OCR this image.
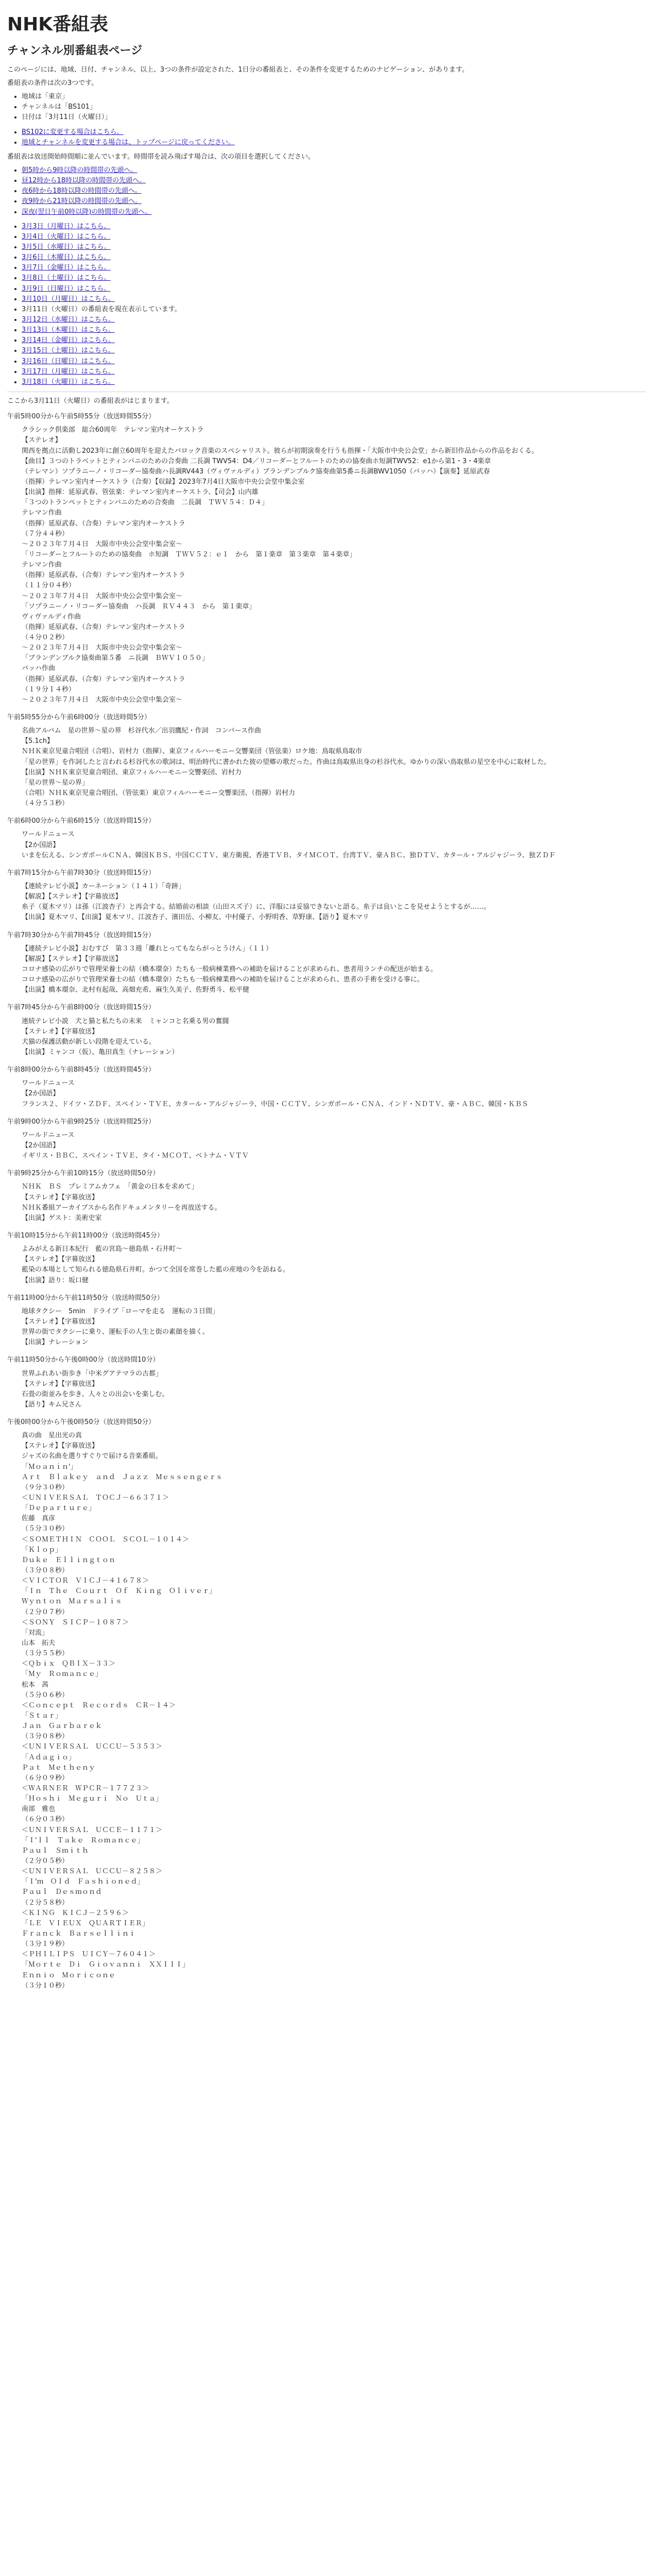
NHK番組表
チャンネル別番組表ページ

このページには、地域、日付、チャンネル、以上、3つの条件が設定された、1日分の番組表と、その条件を変更するためのナビゲーション、があります。

番組表の条件は次の3つです。

• 地域は「東京」
• チャンネルは「BS101」
• 日付は「3月11日（火曜日）」
• BS102に変更する場合はこちら。
• 地域とチャンネルを変更する場合は、トップページに戻ってください。

番組表は放送開始時間順に並んでいます。時間帯を読み飛ばす場合は、次の項目を選択してください。

• 朝5時から9時以降の時間帯の先頭へ。
• 昼12時から18時以降の時間帯の先頭へ。
• 夜6時から18時以降の時間帯の先頭へ。
• 夜9時から21時以降の時間帯の先頭へ。
• 深夜(翌日午前0時以降)の時間帯の先頭へ。
• 3月3日（月曜日）はこちら。
• 3月4日（火曜日）はこちら。
• 3月5日（水曜日）はこちら。
• 3月6日（木曜日）はこちら。
• 3月7日（金曜日）はこちら。
• 3月8日（土曜日）はこちら。
• 3月9日（日曜日）はこちら。
• 3月10日（月曜日）はこちら。
• 3月11日（火曜日）の番組表を現在表示しています。
• 3月12日（水曜日）はこちら。
• 3月13日（木曜日）はこちら。
• 3月14日（金曜日）はこちら。
• 3月15日（土曜日）はこちら。
• 3月16日（日曜日）はこちら。
• 3月17日（月曜日）はこちら。
• 3月18日（火曜日）はこちら。

ここから3月11日（火曜日）の番組表がはじまります。

午前5時00分から午前5時55分（放送時間55分）
クラシック倶楽部　総合60周年　テレマン室内オーケストラ
【ステレオ】
関西を拠点に活動し2023年に創立60周年を迎えたバロック音楽のスペシャリスト。彼らが初期演奏を行うも指揮・「大阪市中央公会堂」から新旧作品からの作品をおくる。
【曲目】３つのトラベットとティンパニのための合奏曲 二長調 TWV54：D4／リコーダーとフルートのための協奏曲ホ短調TWV52：e1から第1・3・4楽章
（テレマン）ソプラニーノ・リコーダー協奏曲ハ長調RV443（ヴィヴァルディ）ブランデンブルク協奏曲第5番ニ長調BWV1050（バッハ）【演奏】延原武春
（指揮）テレマン室内オーケストラ（合奏）【収録】2023年7月4日大阪市中央公会堂中集会室
【出演】指揮：延原武春、管弦楽：テレマン室内オーケストラ、【司会】山内雄
「３つのトランペットとティンパニのための合奏曲　二長調　ＴＷＶ５４：Ｄ４」
テレマン作曲
（指揮）延原武春、（合奏）テレマン室内オーケストラ
（７分４４秒）
～２０２３年７月４日　大阪市中央公会堂中集会室～
「リコーダーとフルートのための協奏曲　ホ短調　ＴＷＶ５２：ｅ１　から　第１楽章　第３楽章　第４楽章」
テレマン作曲
（指揮）延原武春、（合奏）テレマン室内オーケストラ
（１１分０４秒）
～２０２３年７月４日　大阪市中央公会堂中集会室～
「ソプラニーノ・リコーダー協奏曲　ハ長調　ＲＶ４４３　から　第１楽章」
ヴィヴァルディ作曲
（指揮）延原武春、（合奏）テレマン室内オーケストラ
（４分０２秒）
～２０２３年７月４日　大阪市中央公会堂中集会室～
「ブランデンブルク協奏曲第５番　ニ長調　ＢＷＶ１０５０」
バッハ作曲
（指揮）延原武春、（合奏）テレマン室内オーケストラ
（１９分１４秒）
～２０２３年７月４日　大阪市中央公会堂中集会室～
午前5時55分から午前6時00分（放送時間5分）
名曲アルバム　星の世界～星の界　杉谷代水／出羽鷹紀・作詞　コンバース作曲
【5.1ch】
ＮＨＫ東京児童合唱団（合唱）、岩村力（指揮）、東京フィルハーモニー交響楽団（管弦楽）ロケ地：鳥取県鳥取市
「星の世界」を作詞したと言われる杉谷代水の歌詞は、明治時代に書かれた彼の望郷の歌だった。作曲は鳥取県出身の杉谷代水。ゆかりの深い鳥取県の星空を中心に取材した。
【出演】ＮＨＫ東京児童合唱団、東京フィルハーモニー交響楽団、岩村力
「星の世界～星の界」
（合唱）ＮＨＫ東京児童合唱団、（管弦楽）東京フィルハーモニー交響楽団、（指揮）岩村力
（４分５３秒）
午前6時00分から午前6時15分（放送時間15分）
ワールドニュース
【2か国語】
いまを伝える、シンガポールＣＮＡ、韓国ＫＢＳ、中国ＣＣＴＶ、東方衛視、香港ＴＶＢ、タイＭＣＯＴ、台湾ＴＶ、豪ＡＢＣ、独ＤＴＶ、カタール・アルジャジーラ、独ＺＤＦ
午前7時15分から午前7時30分（放送時間15分）
【連続テレビ小説】カーネーション（１４１）「奇跡」
【解説】【ステレオ】【字幕放送】
糸子（夏木マリ）は孫（江波杏子）と再会する。結婚前の相談（山田スズ子）に、洋服には妥協できないと語る。糸子は良いとこを見せようとするが……。
【出演】夏木マリ、【出演】夏木マリ、江波杏子、濱田岳、小柳友、中村優子、小野明香、草野康、【語り】夏木マリ
午前7時30分から午前7時45分（放送時間15分）
【連続テレビ小説】おむすび　第３３週「離れとってもならがっとうけん」（１１）
【解説】【ステレオ】【字幕放送】
コロナ感染の広がりで管理栄養士の結（橋本環奈）たちも一般病棟業務への補助を届けることが求められ、患者用ランチの配送が始まる。
コロナ感染の広がりで管理栄養士の結（橋本環奈）たちも一般病棟業務への補助を届けることが求められ、患者の手術を受ける事に。
【出演】橋本環奈、北村有起哉、高畑充希、麻生久美子、佐野勇斗、松平健
午前7時45分から午前8時00分（放送時間15分）
連続テレビ小説　犬と猫と私たちの未来　ミャンコと名乗る男の奮闘
【ステレオ】【字幕放送】
犬猫の保護活動が新しい段階を迎えている。
【出演】ミャンコ（仮）、亀田真生（ナレーション）
午前8時00分から午前8時45分（放送時間45分）
ワールドニュース
【2か国語】
フランス２、ドイツ・ＺＤＦ、スペイン・ＴＶＥ、カタール・アルジャジーラ、中国・ＣＣＴＶ、シンガポール・ＣＮＡ、インド・ＮＤＴＶ、豪・ＡＢＣ、韓国・ＫＢＳ
午前9時00分から午前9時25分（放送時間25分）
ワールドニュース
【2か国語】
イギリス・ＢＢＣ、スペイン・ＴＶＥ、タイ・ＭＣＯＴ、ベトナム・ＶＴＶ
午前9時25分から午前10時15分（放送時間50分）
ＮＨＫ　ＢＳ　プレミアムカフェ　「黄金の日本を求めて」
【ステレオ】【字幕放送】
ＮＨＫ番組アーカイブスから名作ドキュメンタリーを再放送する。
【出演】ゲスト：美術史家
午前10時15分から午前11時00分（放送時間45分）
よみがえる新日本紀行　藍の宮島～徳島県・石井町～
【ステレオ】【字幕放送】
藍染の本場として知られる徳島県石井町。かつて全国を席巻した藍の産地の今を訪ねる。
【出演】語り：坂口健
午前11時00分から午前11時50分（放送時間50分）
地球タクシー　5min　ドライブ「ローマを走る　運転の３日間」
【ステレオ】【字幕放送】
世界の街でタクシーに乗り、運転手の人生と街の素顔を描く。
【出演】ナレーション
午前11時50分から午後0時00分（放送時間10分）
世界ふれあい街歩き「中米グアテマラの古都」
【ステレオ】【字幕放送】
石畳の街並みを歩き、人々との出会いを楽しむ。
【語り】キム兄さん
午後0時00分から午後0時50分（放送時間50分）
真の曲　星出光の真
【ステレオ】【字幕放送】
ジャズの名曲を選りすぐりで届ける音楽番組。
「Ｍｏａｎｉｎ'」
Ａｒｔ　Ｂｌａｋｅｙ　ａｎｄ　Ｊａｚｚ　Ｍｅｓｓｅｎｇｅｒｓ
（９分３０秒）
＜ＵＮＩＶＥＲＳＡＬ　ＴＯＣＪ－６６３７１＞
「Ｄｅｐａｒｔｕｒｅ」
佐藤　真彦
（５分３０秒）
＜ＳＯＭＥＴＨＩＮ　ＣＯＯＬ　ＳＣＯＬ－１０１４＞
「Ｋｌｏｐ」
Ｄｕｋｅ　Ｅｌｌｉｎｇｔｏｎ
（３分０８秒）
＜ＶＩＣＴＯＲ　ＶＩＣＪ－４１６７８＞
「Ｉｎ　Ｔｈｅ　Ｃｏｕｒｔ　Ｏｆ　Ｋｉｎｇ　Ｏｌｉｖｅｒ」
Ｗｙｎｔｏｎ　Ｍａｒｓａｌｉｓ
（２分０７秒）
＜ＳＯＮＹ　ＳＩＣＰ－１０８７＞
「対流」
山本　拓夫
（３分５５秒）
＜Ｑｂｉｘ　ＱＢＩＸ－３３＞
「Ｍｙ　Ｒｏｍａｎｃｅ」
松本　茜
（５分０６秒）
＜Ｃｏｎｃｅｐｔ　Ｒｅｃｏｒｄｓ　ＣＲ－１４＞
「Ｓｔａｒ」
Ｊａｎ　Ｇａｒｂａｒｅｋ
（３分０８秒）
＜ＵＮＩＶＥＲＳＡＬ　ＵＣＣＵ－５３５３＞
「Ａｄａｇｉｏ」
Ｐａｔ　Ｍｅｔｈｅｎｙ
（６分０９秒）
＜ＷＡＲＮＥＲ　ＷＰＣＲ－１７７２３＞
「Ｈｏｓｈｉ　Ｍｅｇｕｒｉ　Ｎｏ　Ｕｔａ」
南部　雅也
（６分０３秒）
＜ＵＮＩＶＥＲＳＡＬ　ＵＣＣＥ－１１７１＞
「Ｉ'ｌｌ　Ｔａｋｅ　Ｒｏｍａｎｃｅ」
Ｐａｕｌ　Ｓｍｉｔｈ
（２分０５秒）
＜ＵＮＩＶＥＲＳＡＬ　ＵＣＣＵ－８２５８＞
「Ｉ'ｍ　Ｏｌｄ　Ｆａｓｈｉｏｎｅｄ」
Ｐａｕｌ　Ｄｅｓｍｏｎｄ
（２分５８秒）
＜ＫＩＮＧ　ＫＩＣＪ－２５９６＞
「ＬＥ　ＶＩＥＵＸ　ＱＵＡＲＴＩＥＲ」
Ｆｒａｎｃｋ　Ｂａｒｓｅｌｌｉｎｉ
（３分１９秒）
＜ＰＨＩＬＩＰＳ　ＵＩＣＹ－７６０４１＞
「Ｍｏｒｔｅ　Ｄｉ　Ｇｉｏｖａｎｎｉ　ＸＸＩＩＩ」
Ｅｎｎｉｏ　Ｍｏｒｉｃｏｎｅ
（３分１０秒）
